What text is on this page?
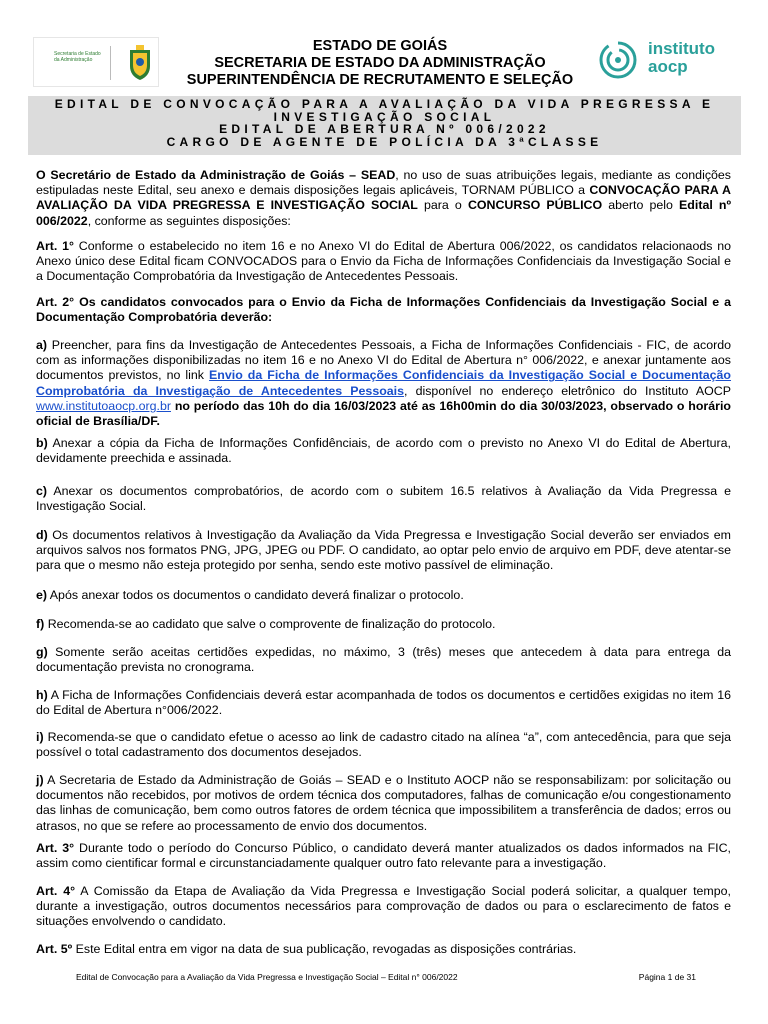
Secretaria de Estado da Administração
ESTADO DE GOIÁS
SECRETARIA DE ESTADO DA ADMINISTRAÇÃO
SUPERINTENDÊNCIA DE RECRUTAMENTO E SELEÇÃO
instituto
aocp
EDITAL DE CONVOCAÇÃO PARA A AVALIAÇÃO DA VIDA PREGRESSA E
INVESTIGAÇÃO SOCIAL
EDITAL DE ABERTURA Nº 006/2022
CARGO DE AGENTE DE POLÍCIA DA 3ªCLASSE

O Secretário de Estado da Administração de Goiás – SEAD, no uso de suas atribuições legais, mediante as condições estipuladas neste Edital, seu anexo e demais disposições legais aplicáveis, TORNAM PÚBLICO a CONVOCAÇÃO PARA A AVALIAÇÃO DA VIDA PREGRESSA E INVESTIGAÇÃO SOCIAL para o CONCURSO PÚBLICO aberto pelo Edital nº 006/2022, conforme as seguintes disposições:

Art. 1° Conforme o estabelecido no item 16 e no Anexo VI do Edital de Abertura 006/2022, os candidatos relacionaods no Anexo único dese Edital ficam CONVOCADOS para o Envio da Ficha de Informações Confidenciais da Investigação Social e a Documentação Comprobatória da Investigação de Antecedentes Pessoais.

Art. 2° Os candidatos convocados para o Envio da Ficha de Informações Confidenciais da Investigação Social e a Documentação Comprobatória deverão:

a) Preencher, para fins da Investigação de Antecedentes Pessoais, a Ficha de Informações Confidenciais - FIC, de acordo com as informações disponibilizadas no item 16 e no Anexo VI do Edital de Abertura n° 006/2022, e anexar juntamente aos documentos previstos, no link Envio da Ficha de Informações Confidenciais da Investigação Social e Documentação Comprobatória da Investigação de Antecedentes Pessoais, disponível no endereço eletrônico do Instituto AOCP www.institutoaocp.org.br no período das 10h do dia 16/03/2023 até as 16h00min do dia 30/03/2023, observado o horário oficial de Brasília/DF.

b) Anexar a cópia da Ficha de Informações Confidênciais, de acordo com o previsto no Anexo VI do Edital de Abertura, devidamente preechida e assinada.

c) Anexar os documentos comprobatórios, de acordo com o subitem 16.5 relativos à Avaliação da Vida Pregressa e Investigação Social.

d) Os documentos relativos à Investigação da Avaliação da Vida Pregressa e Investigação Social deverão ser enviados em arquivos salvos nos formatos PNG, JPG, JPEG ou PDF. O candidato, ao optar pelo envio de arquivo em PDF, deve atentar-se para que o mesmo não esteja protegido por senha, sendo este motivo passível de eliminação.

e) Após anexar todos os documentos o candidato deverá finalizar o protocolo.

f) Recomenda-se ao cadidato que salve o comprovente de finalização do protocolo.

g) Somente serão aceitas certidões expedidas, no máximo, 3 (três) meses que antecedem à data para entrega da documentação prevista no cronograma.

h) A Ficha de Informações Confidenciais deverá estar acompanhada de todos os documentos e certidões exigidas no item 16 do Edital de Abertura n°006/2022.

i) Recomenda-se que o candidato efetue o acesso ao link de cadastro citado na alínea “a”, com antecedência, para que seja possível o total cadastramento dos documentos desejados.

j) A Secretaria de Estado da Administração de Goiás – SEAD e o Instituto AOCP não se responsabilizam: por solicitação ou documentos não recebidos, por motivos de ordem técnica dos computadores, falhas de comunicação e/ou congestionamento das linhas de comunicação, bem como outros fatores de ordem técnica que impossibilitem a transferência de dados; erros ou atrasos, no que se refere ao processamento de envio dos documentos.

Art. 3° Durante todo o período do Concurso Público, o candidato deverá manter atualizados os dados informados na FIC, assim como cientificar formal e circunstanciadamente qualquer outro fato relevante para a investigação.

Art. 4° A Comissão da Etapa de Avaliação da Vida Pregressa e Investigação Social poderá solicitar, a qualquer tempo, durante a investigação, outros documentos necessários para comprovação de dados ou para o esclarecimento de fatos e situações envolvendo o candidato.

Art. 5º Este Edital entra em vigor na data de sua publicação, revogadas as disposições contrárias.

Edital de Convocação para a Avaliação da Vida Pregressa e Investigação Social – Edital n° 006/2022	Página 1 de 31
